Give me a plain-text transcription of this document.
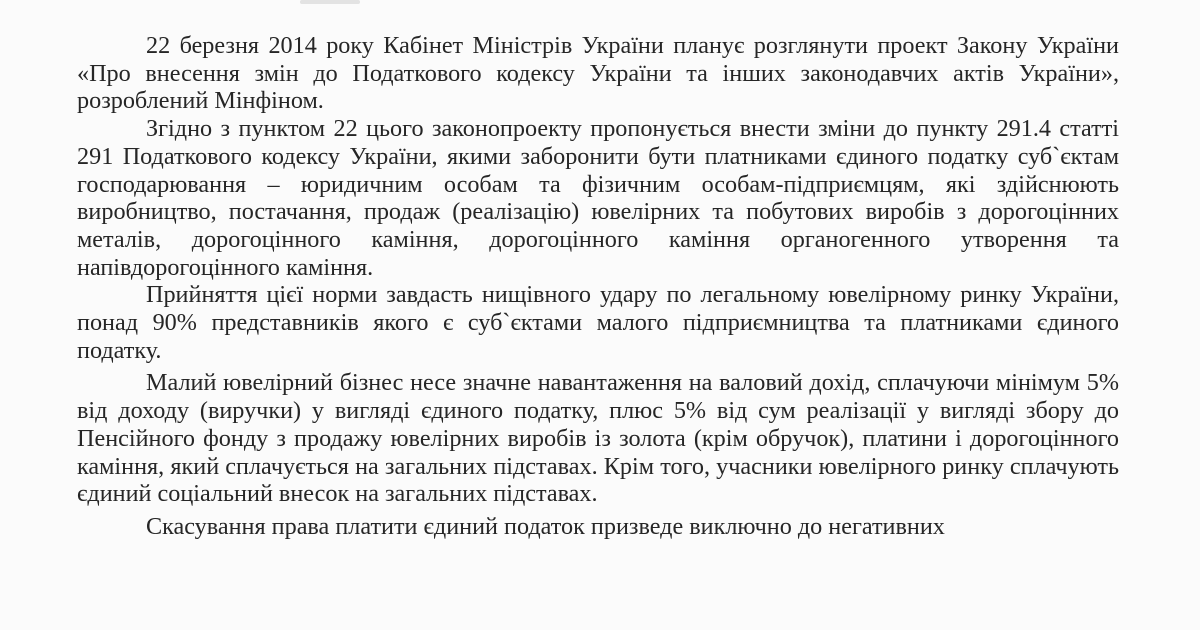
22 березня 2014 року Кабінет Міністрів України планує розглянути проект Закону України «Про внесення змін до Податкового кодексу України та інших законодавчих актів України», розроблений Мінфіном.

Згідно з пунктом 22 цього законопроекту пропонується внести зміни до пункту 291.4 статті 291 Податкового кодексу України, якими заборонити бути платниками єдиного податку суб`єктам господарювання – юридичним особам та фізичним особам-підприємцям, які здійснюють виробництво, постачання, продаж (реалізацію) ювелірних та побутових виробів з дорогоцінних металів, дорогоцінного каміння, дорогоцінного каміння органогенного утворення та напівдорогоцінного каміння.

Прийняття цієї норми завдасть нищівного удару по легальному ювелірному ринку України, понад 90% представників якого є суб`єктами малого підприємництва та платниками єдиного податку.

Малий ювелірний бізнес несе значне навантаження на валовий дохід, сплачуючи мінімум 5% від доходу (виручки) у вигляді єдиного податку, плюс 5% від сум реалізації у вигляді збору до Пенсійного фонду з продажу ювелірних виробів із золота (крім обручок), платини і дорогоцінного каміння, який сплачується на загальних підставах. Крім того, учасники ювелірного ринку сплачують єдиний соціальний внесок на загальних підставах.

Скасування права платити єдиний податок призведе виключно до негативних
